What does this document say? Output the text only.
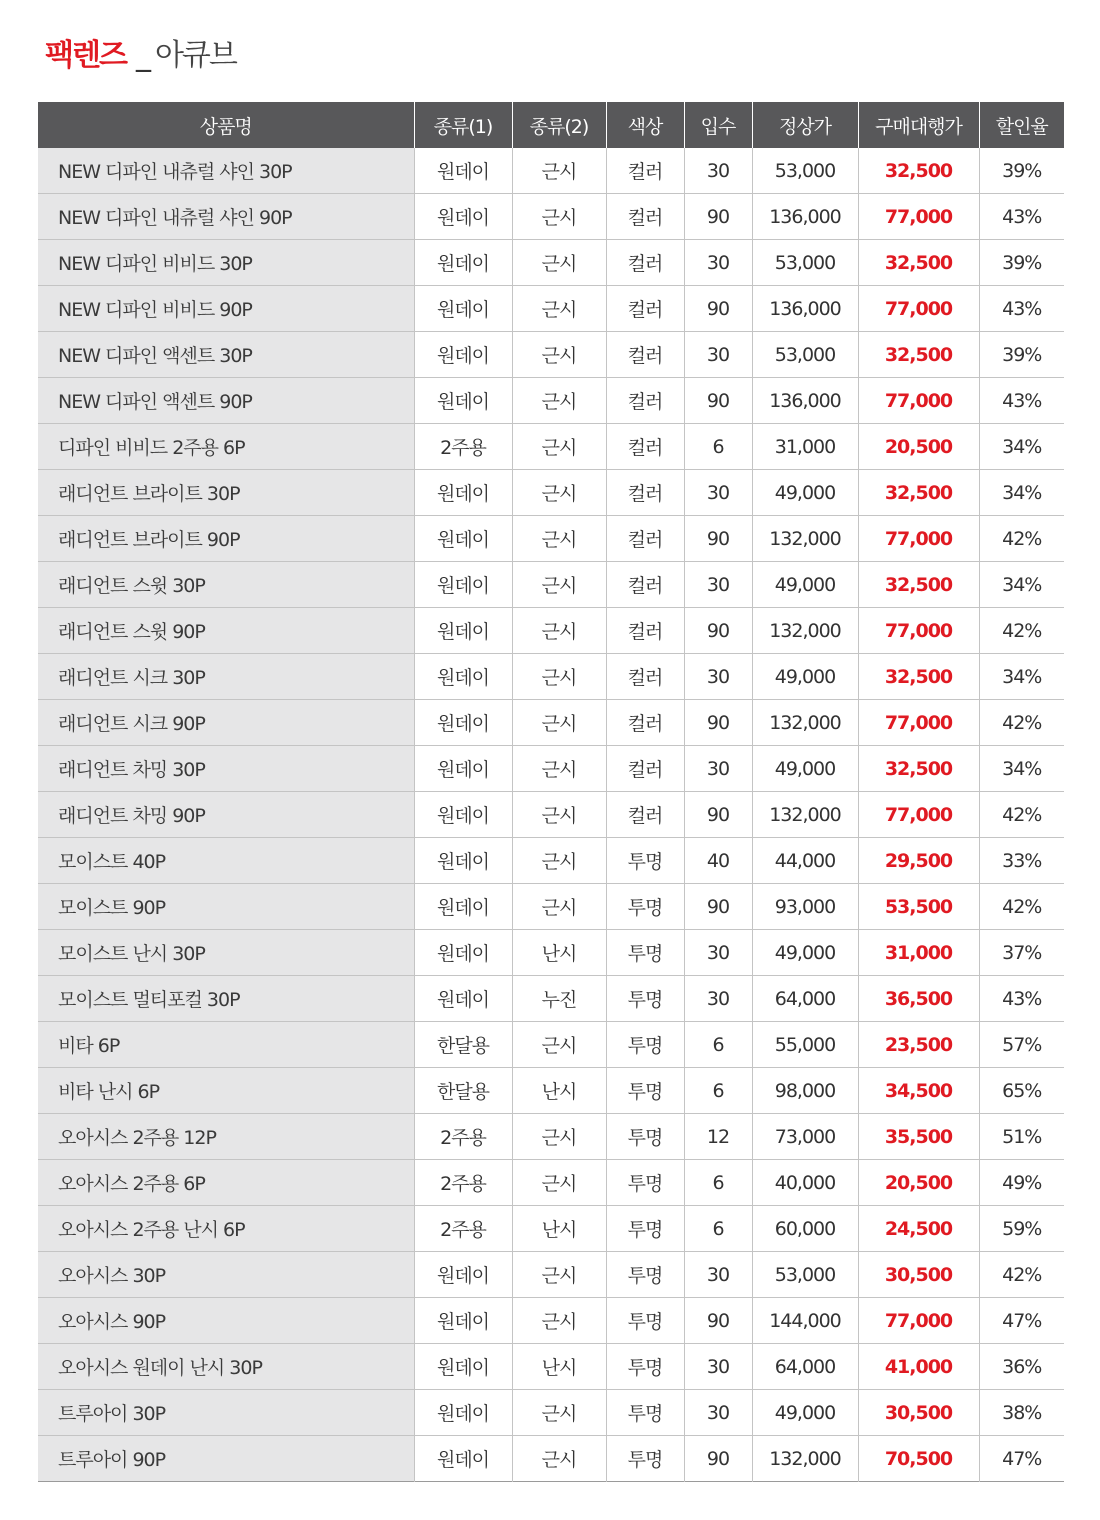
팩렌즈 _ 아큐브
상품명	종류(1)	종류(2)	색상	입수	정상가	구매대행가	할인율
NEW 디파인 내츄럴 샤인 30P	원데이	근시	컬러	30	53,000	32,500	39%
NEW 디파인 내츄럴 샤인 90P	원데이	근시	컬러	90	136,000	77,000	43%
NEW 디파인 비비드 30P	원데이	근시	컬러	30	53,000	32,500	39%
NEW 디파인 비비드 90P	원데이	근시	컬러	90	136,000	77,000	43%
NEW 디파인 액센트 30P	원데이	근시	컬러	30	53,000	32,500	39%
NEW 디파인 액센트 90P	원데이	근시	컬러	90	136,000	77,000	43%
디파인 비비드 2주용 6P	2주용	근시	컬러	6	31,000	20,500	34%
래디언트 브라이트 30P	원데이	근시	컬러	30	49,000	32,500	34%
래디언트 브라이트 90P	원데이	근시	컬러	90	132,000	77,000	42%
래디언트 스윗 30P	원데이	근시	컬러	30	49,000	32,500	34%
래디언트 스윗 90P	원데이	근시	컬러	90	132,000	77,000	42%
래디언트 시크 30P	원데이	근시	컬러	30	49,000	32,500	34%
래디언트 시크 90P	원데이	근시	컬러	90	132,000	77,000	42%
래디언트 차밍 30P	원데이	근시	컬러	30	49,000	32,500	34%
래디언트 차밍 90P	원데이	근시	컬러	90	132,000	77,000	42%
모이스트 40P	원데이	근시	투명	40	44,000	29,500	33%
모이스트 90P	원데이	근시	투명	90	93,000	53,500	42%
모이스트 난시 30P	원데이	난시	투명	30	49,000	31,000	37%
모이스트 멀티포컬 30P	원데이	누진	투명	30	64,000	36,500	43%
비타 6P	한달용	근시	투명	6	55,000	23,500	57%
비타 난시 6P	한달용	난시	투명	6	98,000	34,500	65%
오아시스 2주용 12P	2주용	근시	투명	12	73,000	35,500	51%
오아시스 2주용 6P	2주용	근시	투명	6	40,000	20,500	49%
오아시스 2주용 난시 6P	2주용	난시	투명	6	60,000	24,500	59%
오아시스 30P	원데이	근시	투명	30	53,000	30,500	42%
오아시스 90P	원데이	근시	투명	90	144,000	77,000	47%
오아시스 원데이 난시 30P	원데이	난시	투명	30	64,000	41,000	36%
트루아이 30P	원데이	근시	투명	30	49,000	30,500	38%
트루아이 90P	원데이	근시	투명	90	132,000	70,500	47%
